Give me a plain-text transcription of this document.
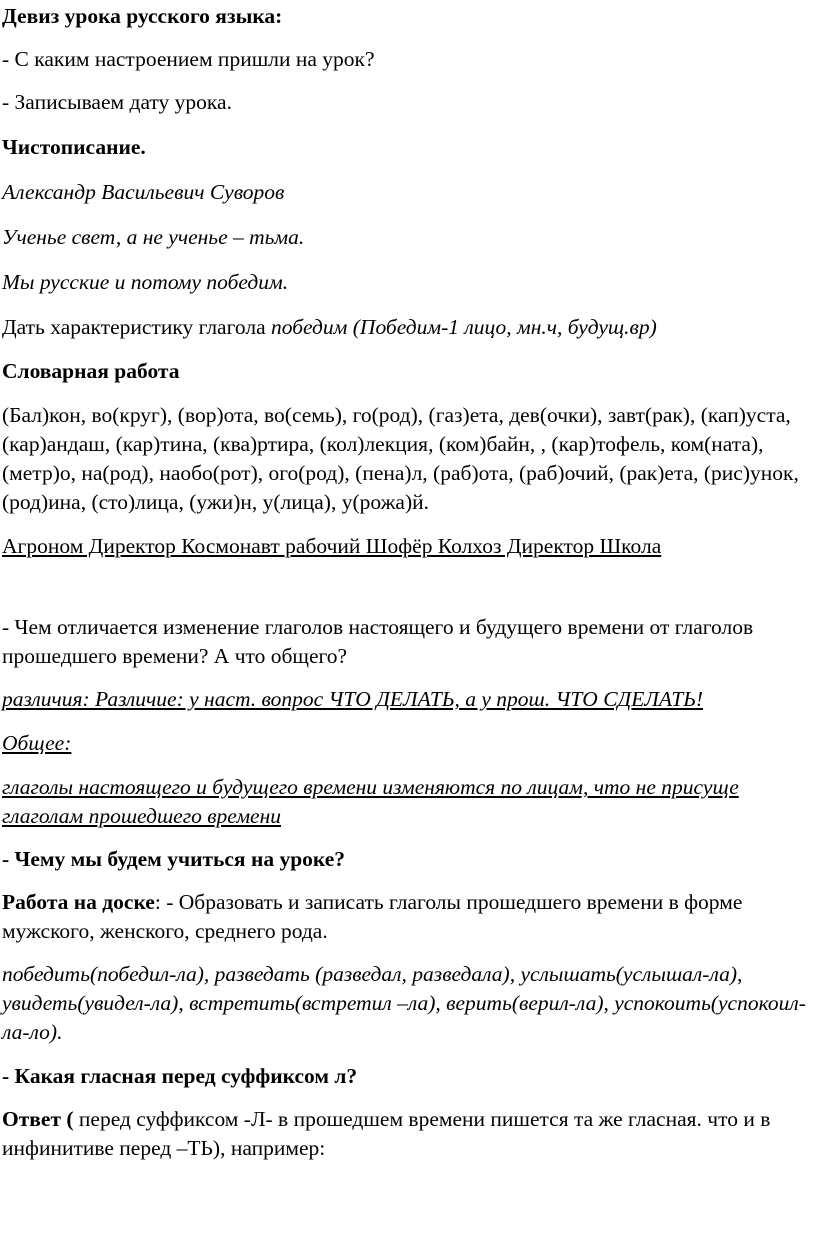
Девиз урока русского языка:

- С каким настроением пришли на урок?

- Записываем дату урока.

Чистописание.

Александр Васильевич Суворов

Ученье свет, а не ученье – тьма.

Мы русские и потому победим.

Дать характеристику глагола победим (Победим-1 лицо, мн.ч, будущ.вр)

Словарная работа

(Бал)кон, во(круг), (вор)ота, во(семь), го(род), (газ)ета, дев(очки), завт(рак), (кап)уста, (кар)андаш, (кар)тина, (ква)ртира, (кол)лекция, (ком)байн, , (кар)тофель, ком(ната), (метр)о, на(род), наобо(рот), ого(род), (пена)л, (раб)ота, (раб)очий, (рак)ета, (рис)унок, (род)ина, (сто)лица, (ужи)н, у(лица), у(рожа)й.

Агроном Директор Космонавт рабочий Шофёр Колхоз Директор Школа

- Чем отличается изменение глаголов настоящего и будущего времени от глаголов прошедшего времени? А что общего?

различия: Различие: у наст. вопрос ЧТО ДЕЛАТЬ, а у прош. ЧТО СДЕЛАТЬ!

Общее:

глаголы настоящего и будущего времени изменяются по лицам, что не присуще глаголам прошедшего времени

- Чему мы будем учиться на уроке?

Работа на доске: - Образовать и записать глаголы прошедшего времени в форме мужского, женского, среднего рода.

победить(победил-ла), разведать (разведал, разведала), услышать(услышал-ла), увидеть(увидел-ла), встретить(встретил –ла), верить(верил-ла), успокоить(успокоил-ла-ло).

- Какая гласная перед суффиксом л?

Ответ ( перед суффиксом -Л- в прошедшем времени пишется та же гласная. что и в инфинитиве перед –ТЬ), например:
